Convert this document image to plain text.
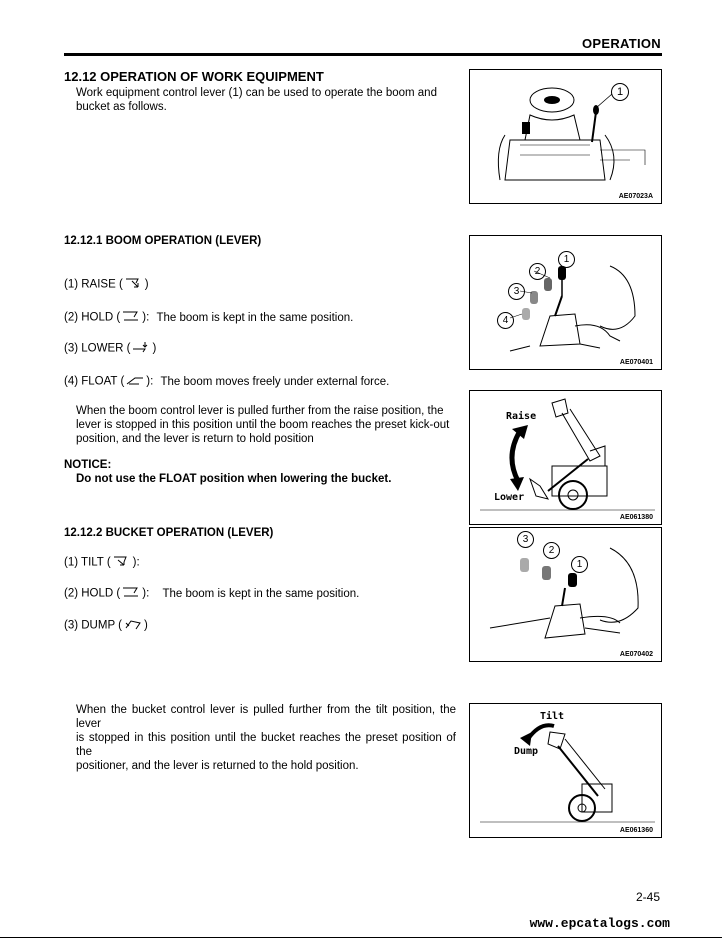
OPERATION
12.12 OPERATION OF WORK EQUIPMENT
Work equipment control lever (1) can be used to operate the boom and
bucket as follows.
12.12.1 BOOM OPERATION (LEVER)
(1) RAISE ( )
(2) HOLD ( ): The boom is kept in the same position.
(3) LOWER ( )
(4) FLOAT ( ): The boom moves freely under external force.
When the boom control lever is pulled further from the raise position, the
lever is stopped in this position until the boom reaches the preset kick-out
position, and the lever is return to hold position
NOTICE:
Do not use the FLOAT position when lowering the bucket.
12.12.2 BUCKET OPERATION (LEVER)
(1) TILT ( ):
(2) HOLD ( ): The boom is kept in the same position.
(3) DUMP ( )
When the bucket control lever is pulled further from the tilt position, the lever
is stopped in this position until the bucket reaches the preset position of the
positioner, and the lever is returned to the hold position.
1
AE07023A
1
2
3
4
AE070401
Raise
Lower
AE061380
3
2
1
AE070402
Tilt
Dump
AE061360
2-45
www.epcatalogs.com
